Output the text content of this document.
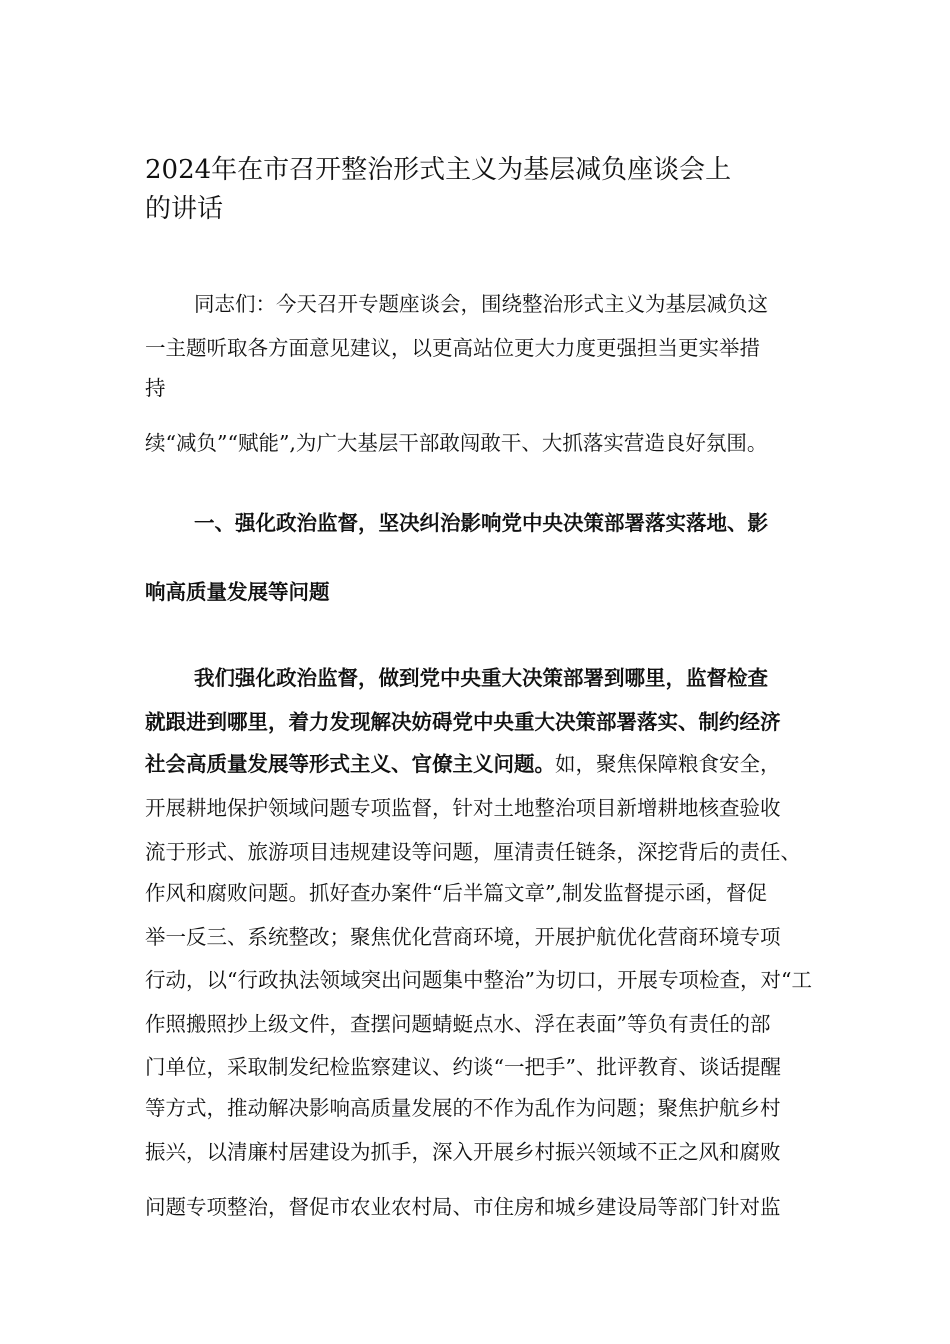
2024年在市召开整治形式主义为基层减负座谈会上
的讲话
同志们：今天召开专题座谈会，围绕整治形式主义为基层减负这
一主题听取各方面意见建议，以更高站位更大力度更强担当更实举措
持
续“减负”“赋能”,为广大基层干部敢闯敢干、大抓落实营造良好氛围。
一、强化政治监督，坚决纠治影响党中央决策部署落实落地、影
响高质量发展等问题
我们强化政治监督，做到党中央重大决策部署到哪里，监督检查
就跟进到哪里，着力发现解决妨碍党中央重大决策部署落实、制约经济
社会高质量发展等形式主义、官僚主义问题。如，聚焦保障粮食安全，
开展耕地保护领域问题专项监督，针对土地整治项目新增耕地核查验收
流于形式、旅游项目违规建设等问题，厘清责任链条，深挖背后的责任、
作风和腐败问题。抓好查办案件“后半篇文章”,制发监督提示函，督促
举一反三、系统整改；聚焦优化营商环境，开展护航优化营商环境专项
行动，以“行政执法领域突出问题集中整治”为切口，开展专项检查，对“工
作照搬照抄上级文件，查摆问题蜻蜓点水、浮在表面”等负有责任的部
门单位，采取制发纪检监察建议、约谈“一把手”、批评教育、谈话提醒
等方式，推动解决影响高质量发展的不作为乱作为问题；聚焦护航乡村
振兴，以清廉村居建设为抓手，深入开展乡村振兴领域不正之风和腐败
问题专项整治，督促市农业农村局、市住房和城乡建设局等部门针对监
